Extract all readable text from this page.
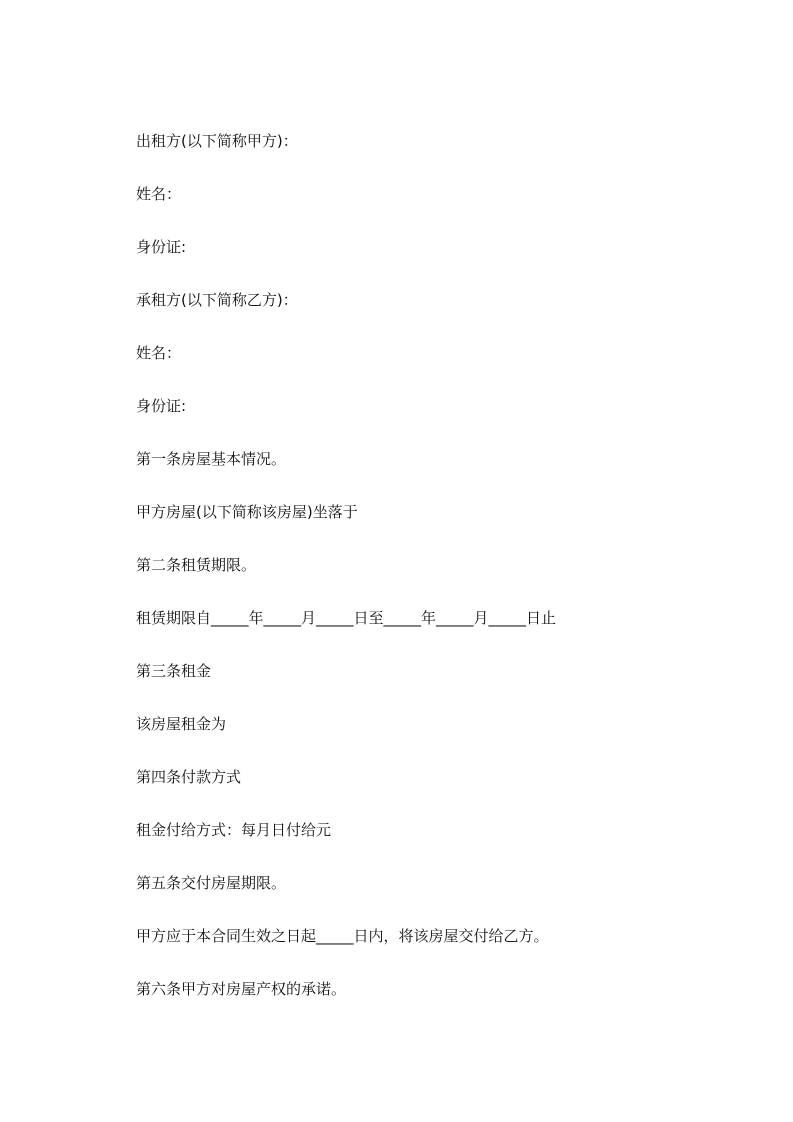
出租方(以下简称甲方)：
姓名：
身份证:
承租方(以下简称乙方)：
姓名：
身份证:
第一条房屋基本情况。
甲方房屋(以下简称该房屋)坐落于
第二条租赁期限。
租赁期限自_____年_____月_____日至_____年_____月_____日止
第三条租金
该房屋租金为
第四条付款方式
租金付给方式：每月日付给元
第五条交付房屋期限。
甲方应于本合同生效之日起_____日内，将该房屋交付给乙方。
第六条甲方对房屋产权的承诺。
